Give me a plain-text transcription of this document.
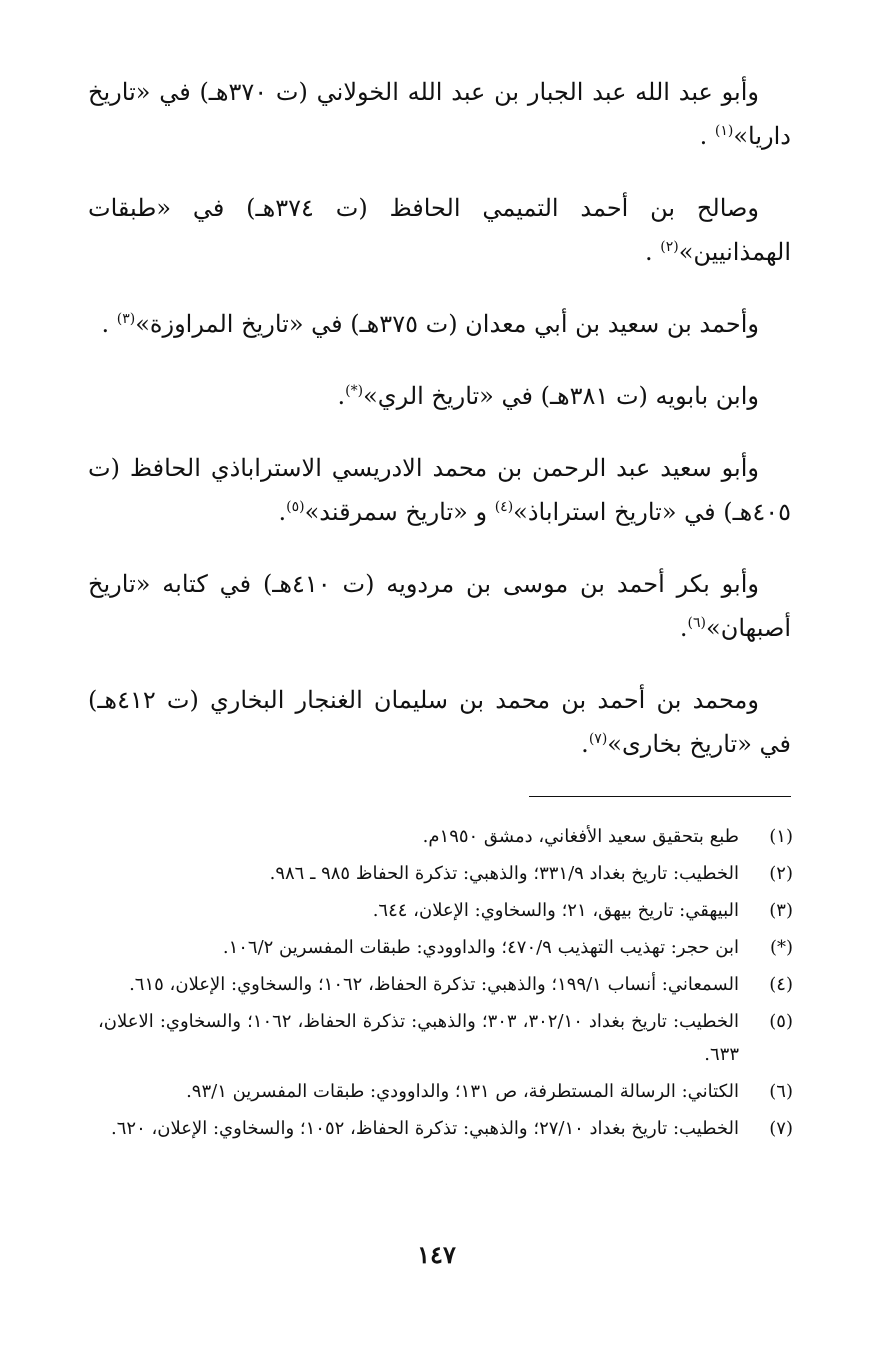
وأبو عبد الله عبد الجبار بن عبد الله الخولاني (ت ٣٧٠هـ) في «تاريخ داريا»$^{(١)}$ .

وصالح بن أحمد التميمي الحافظ (ت ٣٧٤هـ) في «طبقات الهمذانيين»$^{(٢)}$ .

وأحمد بن سعيد بن أبي معدان (ت ٣٧٥هـ) في «تاريخ المراوزة»$^{(٣)}$ .

وابن بابويه (ت ٣٨١هـ) في «تاريخ الري»(*).

وأبو سعيد عبد الرحمن بن محمد الادريسي الاستراباذي الحافظ (ت ٤٠٥هـ) في «تاريخ استراباذ»$^{(٤)}$ و «تاريخ سمرقند»$^{(٥)}$.

وأبو بكر أحمد بن موسى بن مردويه (ت ٤١٠هـ) في كتابه «تاريخ أصبهان»$^{(٦)}$.

ومحمد بن أحمد بن محمد بن سليمان الغنجار البخاري (ت ٤١٢هـ) في «تاريخ بخارى»$^{(٧)}$.

(١)
طبع بتحقيق سعيد الأفغاني، دمشق ١٩٥٠م.
(٢)
الخطيب: تاريخ بغداد ٣٣١/٩؛ والذهبي: تذكرة الحفاظ ٩٨٥ ـ ٩٨٦.
(٣)
البيهقي: تاريخ بيهق، ٢١؛ والسخاوي: الإعلان، ٦٤٤.
(*)
ابن حجر: تهذيب التهذيب ٤٧٠/٩؛ والداوودي: طبقات المفسرين ١٠٦/٢.
(٤)
السمعاني: أنساب ١٩٩/١؛ والذهبي: تذكرة الحفاظ، ١٠٦٢؛ والسخاوي: الإعلان، ٦١٥.
(٥)
الخطيب: تاريخ بغداد ٣٠٢/١٠، ٣٠٣؛ والذهبي: تذكرة الحفاظ، ١٠٦٢؛ والسخاوي: الاعلان، ٦٣٣.
(٦)
الكتاني: الرسالة المستطرفة، ص ١٣١؛ والداوودي: طبقات المفسرين ٩٣/١.
(٧)
الخطيب: تاريخ بغداد ٢٧/١٠؛ والذهبي: تذكرة الحفاظ، ١٠٥٢؛ والسخاوي: الإعلان، ٦٢٠.
١٤٧
